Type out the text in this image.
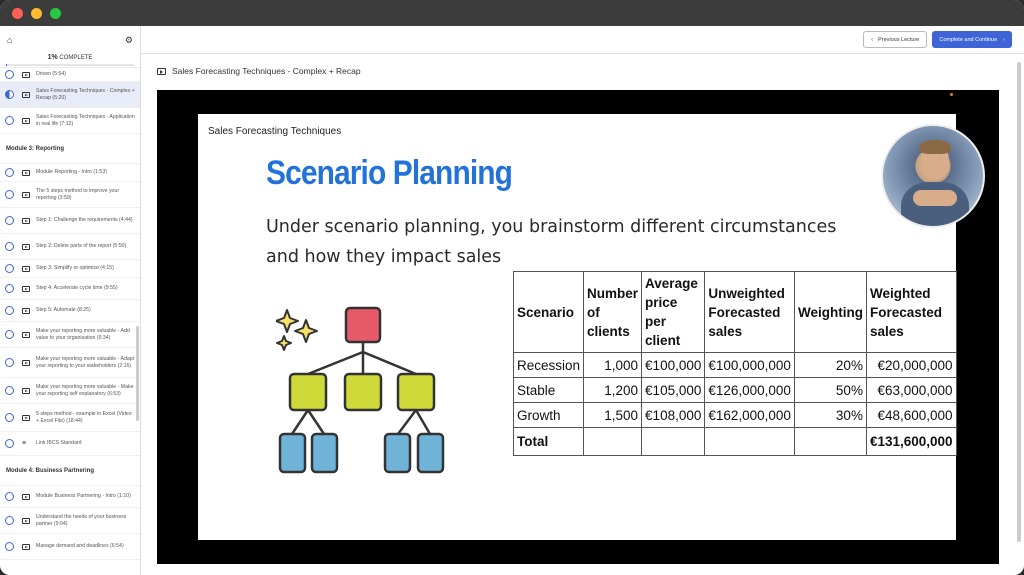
⌂	⚙
1% COMPLETE
Driven (5:54)
Sales Forecasting Techniques - Complex + Recap (5:20)
Sales Forecasting Techniques - Application in real life (7:12)
Module 3: Reporting
Module Reporting - Intro (1:53)
The 5 steps method to improve your reporting (3:59)
Step 1: Challenge the requirements (4:44)
Step 2: Delete parts of the report (5:50)
Step 3: Simplify or optimize (4:15)
Step 4: Accelerate cycle time (9:55)
Step 5: Automate (8:25)
Make your reporting more valuable - Add value to your organisation (6:34)
Make your reporting more valuable - Adapt your reporting to your stakeholders (2:16)
Make your reporting more valuable - Make your reporting self explanatory (6:53)
5 steps method - example in Excel (Video + Excel File) (18:44)
≡	Link IBCS Standard
Module 4: Business Partnering
Module Business Partnering - Intro (1:10)
Understand the needs of your business partner (9:04)
Manage demand and deadlines (6:54)
‹ Previous Lecture	Complete and Continue ›
Sales Forecasting Techniques - Complex + Recap
Sales Forecasting Techniques
Scenario Planning
Under scenario planning, you brainstorm different circumstances and how they impact sales
Scenario	Number of clients	Average price per client	Unweighted Forecasted sales	Weighting	Weighted Forecasted sales
Recession	1,000	€100,000	€100,000,000	20%	€20,000,000
Stable	1,200	€105,000	€126,000,000	50%	€63,000,000
Growth	1,500	€108,000	€162,000,000	30%	€48,600,000
Total					€131,600,000
